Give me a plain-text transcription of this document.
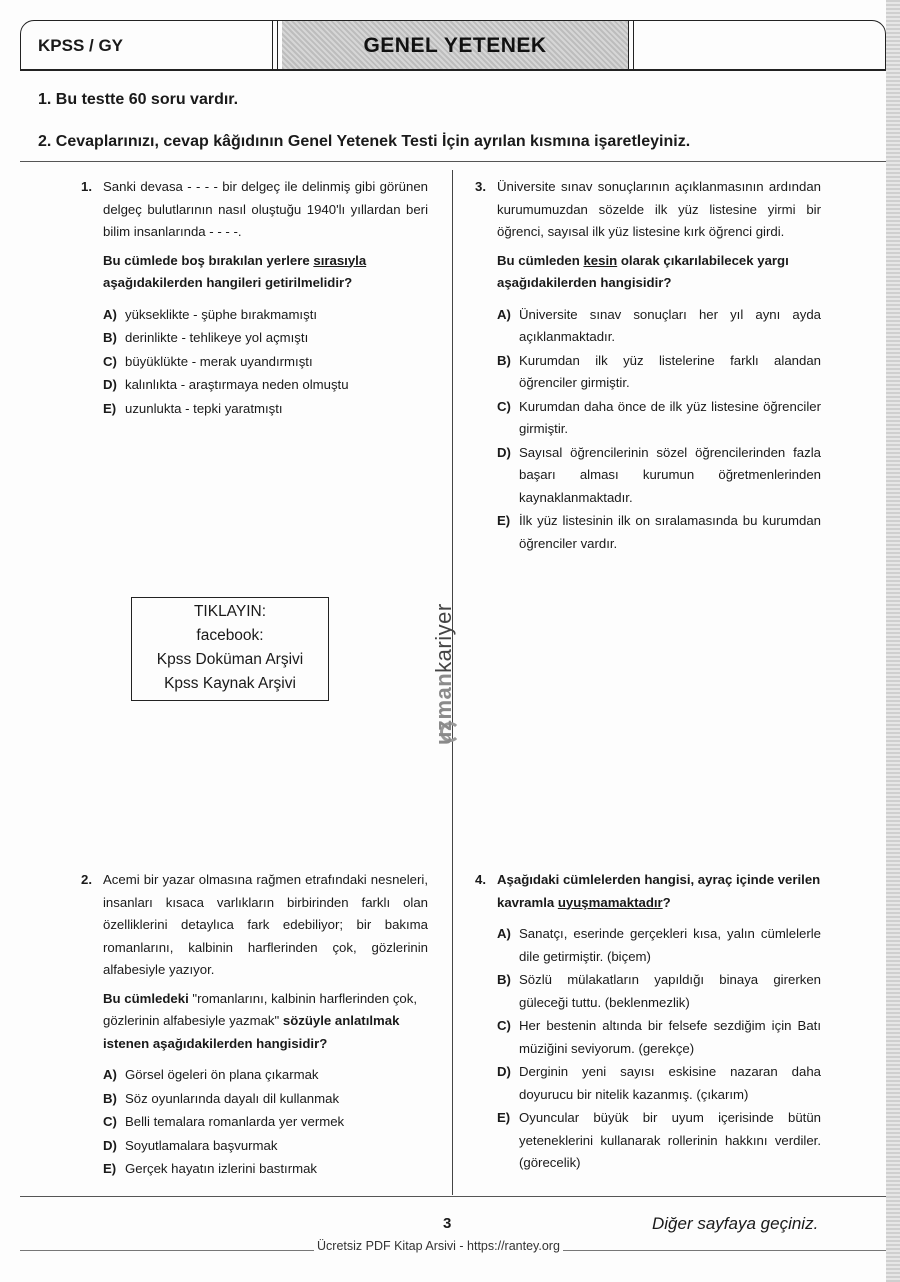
KPSS / GY	GENEL YETENEK
1. Bu testte 60 soru vardır.
2. Cevaplarınızı, cevap kâğıdının Genel Yetenek Testi İçin ayrılan kısmına işaretleyiniz.
1. Sanki devasa - - - - bir delgeç ile delinmiş gibi görünen delgeç bulutlarının nasıl oluştuğu 1940'lı yıllardan beri bilim insanlarında - - - -.

Bu cümlede boş bırakılan yerlere sırasıyla aşağıdakilerden hangileri getirilmelidir?

A) yükseklikte - şüphe bırakmamıştı
B) derinlikte - tehlikeye yol açmıştı
C) büyüklükte - merak uyandırmıştı
D) kalınlıkta - araştırmaya neden olmuştu
E) uzunlukta - tepki yaratmıştı
TIKLAYIN:
facebook:
Kpss Doküman Arşivi
Kpss Kaynak Arşivi	uzmankariyer
2. Acemi bir yazar olmasına rağmen etrafındaki nesneleri, insanları kısaca varlıkların birbirinden farklı olan özelliklerini detaylıca fark edebiliyor; bir bakıma romanlarını, kalbinin harflerinden çok, gözlerinin alfabesiyle yazıyor.

Bu cümledeki "romanlarını, kalbinin harflerinden çok, gözlerinin alfabesiyle yazmak" sözüyle anlatılmak istenen aşağıdakilerden hangisidir?

A) Görsel ögeleri ön plana çıkarmak
B) Söz oyunlarında dayalı dil kullanmak
C) Belli temalara romanlarda yer vermek
D) Soyutlamalara başvurmak
E) Gerçek hayatın izlerini bastırmak
3. Üniversite sınav sonuçlarının açıklanmasının ardından kurumumuzdan sözelde ilk yüz listesine yirmi bir öğrenci, sayısal ilk yüz listesine kırk öğrenci girdi.

Bu cümleden kesin olarak çıkarılabilecek yargı aşağıdakilerden hangisidir?

A) Üniversite sınav sonuçları her yıl aynı ayda açıklanmaktadır.
B) Kurumdan ilk yüz listelerine farklı alandan öğrenciler girmiştir.
C) Kurumdan daha önce de ilk yüz listesine öğrenciler girmiştir.
D) Sayısal öğrencilerinin sözel öğrencilerinden fazla başarı alması kurumun öğretmenlerinden kaynaklanmaktadır.
E) İlk yüz listesinin ilk on sıralamasında bu kurumdan öğrenciler vardır.
4. Aşağıdaki cümlelerden hangisi, ayraç içinde verilen kavramla uyuşmamaktadır?

A) Sanatçı, eserinde gerçekleri kısa, yalın cümlelerle dile getirmiştir. (biçem)
B) Sözlü mülakatların yapıldığı binaya girerken güleceği tuttu. (beklenmezlik)
C) Her bestenin altında bir felsefe sezdiğim için Batı müziğini seviyorum. (gerekçe)
D) Derginin yeni sayısı eskisine nazaran daha doyurucu bir nitelik kazanmış. (çıkarım)
E) Oyuncular büyük bir uyum içerisinde bütün yeteneklerini kullanarak rollerinin hakkını verdiler. (görecelik)
3	Diğer sayfaya geçiniz.
Ücretsiz PDF Kitap Arsivi - https://rantey.org
